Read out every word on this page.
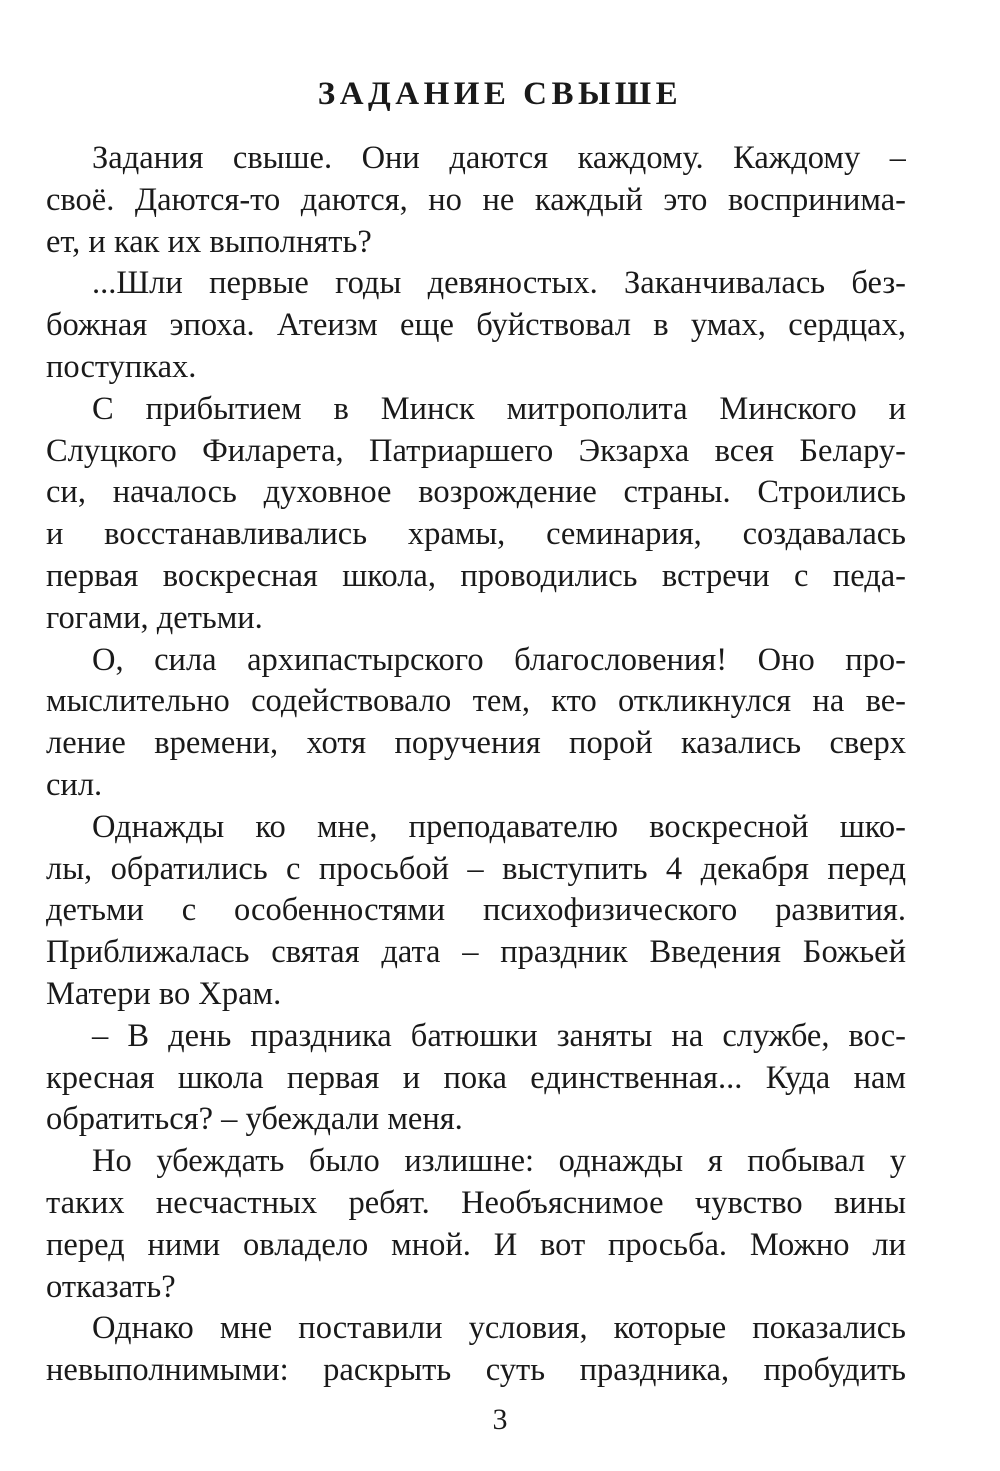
ЗАДАНИЕ СВЫШЕ
Задания свыше. Они даются каждому. Каждому –
своё. Даются-то даются, но не каждый это воспринима-
ет, и как их выполнять?
...Шли первые годы девяностых. Заканчивалась без-
божная эпоха. Атеизм еще буйствовал в умах, сердцах,
поступках.
С прибытием в Минск митрополита Минского и
Слуцкого Филарета, Патриаршего Экзарха всея Белару-
си, началось духовное возрождение страны. Строились
и восстанавливались храмы, семинария, создавалась
первая воскресная школа, проводились встречи с педа-
гогами, детьми.
О, сила архипастырского благословения! Оно про-
мыслительно содействовало тем, кто откликнулся на ве-
ление времени, хотя поручения порой казались сверх
сил.
Однажды ко мне, преподавателю воскресной шко-
лы, обратились с просьбой – выступить 4 декабря перед
детьми с особенностями психофизического развития.
Приближалась святая дата – праздник Введения Божьей
Матери во Храм.
– В день праздника батюшки заняты на службе, вос-
кресная школа первая и пока единственная... Куда нам
обратиться? – убеждали меня.
Но убеждать было излишне: однажды я побывал у
таких несчастных ребят. Необъяснимое чувство вины
перед ними овладело мной. И вот просьба. Можно ли
отказать?
Однако мне поставили условия, которые показались
невыполнимыми: раскрыть суть праздника, пробудить
3
